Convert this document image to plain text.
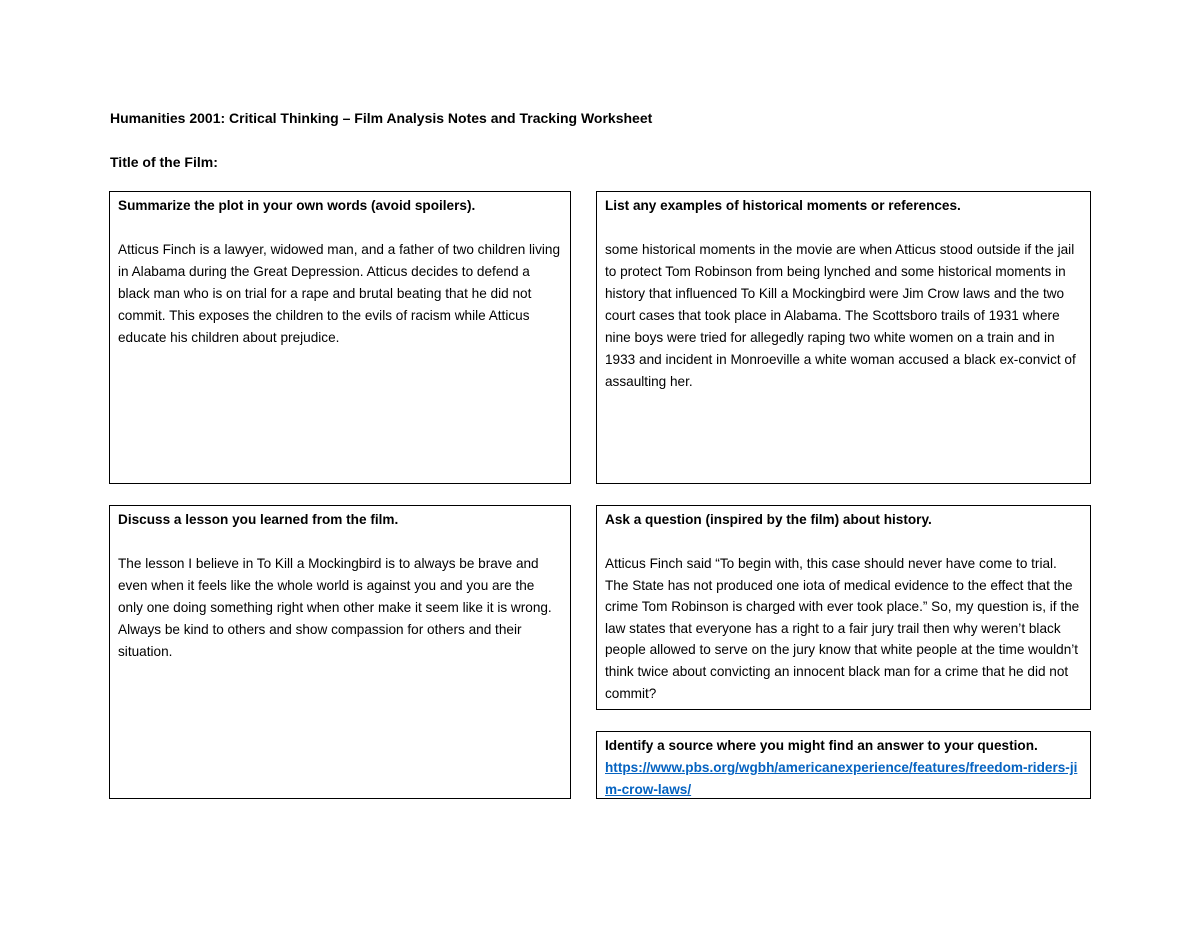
Humanities 2001: Critical Thinking – Film Analysis Notes and Tracking Worksheet
Title of the Film:
Summarize the plot in your own words (avoid spoilers).
Atticus Finch is a lawyer, widowed man, and a father of two children living in Alabama during the Great Depression. Atticus decides to defend a black man who is on trial for a rape and brutal beating that he did not commit. This exposes the children to the evils of racism while Atticus educate his children about prejudice.
List any examples of historical moments or references.
some historical moments in the movie are when Atticus stood outside if the jail to protect Tom Robinson from being lynched and some historical moments in history that influenced To Kill a Mockingbird were Jim Crow laws and the two court cases that took place in Alabama. The Scottsboro trails of 1931 where nine boys were tried for allegedly raping two white women on a train and in 1933 and incident in Monroeville a white woman accused a black ex-convict of assaulting her.
Discuss a lesson you learned from the film.
The lesson I believe in To Kill a Mockingbird is to always be brave and even when it feels like the whole world is against you and you are the only one doing something right when other make it seem like it is wrong. Always be kind to others and show compassion for others and their situation.
Ask a question (inspired by the film) about history.
Atticus Finch said “To begin with, this case should never have come to trial. The State has not produced one iota of medical evidence to the effect that the crime Tom Robinson is charged with ever took place.” So, my question is, if the law states that everyone has a right to a fair jury trail then why weren’t black people allowed to serve on the jury know that white people at the time wouldn’t think twice about convicting an innocent black man for a crime that he did not commit?
Identify a source where you might find an answer to your question.
https://www.pbs.org/wgbh/americanexperience/features/freedom-riders-jim-crow-laws/
